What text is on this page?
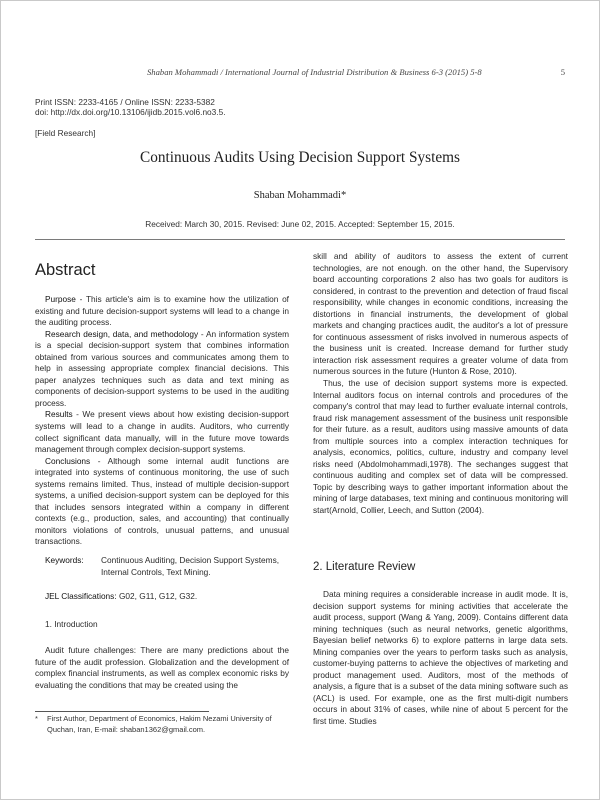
Shaban Mohammadi / International Journal of Industrial Distribution & Business 6-3 (2015) 5-8	5
Print ISSN: 2233-4165 / Online ISSN: 2233-5382
doi: http://dx.doi.org/10.13106/ijidb.2015.vol6.no3.5.
[Field Research]
Continuous Audits Using Decision Support Systems
Shaban Mohammadi*
Received: March 30, 2015. Revised: June 02, 2015. Accepted: September 15, 2015.
Abstract

Purpose - This article's aim is to examine how the utilization of existing and future decision-support systems will lead to a change in the auditing process.

Research design, data, and methodology - An information system is a special decision-support system that combines information obtained from various sources and communicates among them to help in assessing appropriate complex financial decisions. This paper analyzes techniques such as data and text mining as components of decision-support systems to be used in the auditing process.

Results - We present views about how existing decision-support systems will lead to a change in audits. Auditors, who currently collect significant data manually, will in the future move towards management through complex decision-support systems.

Conclusions - Although some internal audit functions are integrated into systems of continuous monitoring, the use of such systems remains limited. Thus, instead of multiple decision-support systems, a unified decision-support system can be deployed for this that includes sensors integrated within a company in different contexts (e.g., production, sales, and accounting) that continually monitors violations of controls, unusual patterns, and unusual transactions.

Keywords:	Continuous Auditing, Decision Support Systems, Internal Controls, Text Mining.

JEL Classifications: G02, G11, G12, G32.

1. Introduction

Audit future challenges: There are many predictions about the future of the audit profession. Globalization and the development of complex financial instruments, as well as complex economic risks by evaluating the conditions that may be created using the

skill and ability of auditors to assess the extent of current technologies, are not enough. on the other hand, the Supervisory board accounting corporations 2 also has two goals for auditors is considered, in contrast to the prevention and detection of fraud fiscal responsibility, while changes in economic conditions, increasing the distortions in financial instruments, the development of global markets and changing practices audit, the auditor's a lot of pressure for continuous assessment of risks involved in numerous aspects of the business unit is created. Increase demand for further study interaction risk assessment requires a greater volume of data from numerous sources in the future (Hunton & Rose, 2010).

Thus, the use of decision support systems more is expected. Internal auditors focus on internal controls and procedures of the company's control that may lead to further evaluate internal controls, fraud risk management assessment of the business unit responsible for their future. as a result, auditors using massive amounts of data from multiple sources into a complex interaction techniques for analysis, economics, politics, culture, industry and company level risks need (Abdolmohammadi,1978). The sechanges suggest that continuous auditing and complex set of data will be compressed. Topic by describing ways to gather important information about the mining of large databases, text mining and continuous monitoring will start(Arnold, Collier, Leech, and Sutton (2004).

2. Literature Review

Data mining requires a considerable increase in audit mode. It is, decision support systems for mining activities that accelerate the audit process, support (Wang & Yang, 2009). Contains different data mining techniques (such as neural networks, genetic algorithms, Bayesian belief networks 6) to explore patterns in large data sets. Mining companies over the years to perform tasks such as analysis, customer-buying patterns to achieve the objectives of marketing and product management used. Auditors, most of the methods of analysis, a figure that is a subset of the data mining software such as (ACL) is used. For example, one as the first multi-digit numbers occurs in about 31% of cases, while nine of about 5 percent for the first time. Studies

* First Author, Department of Economics, Hakim Nezami University of
Quchan, Iran, E-mail: shaban1362@gmail.com.
